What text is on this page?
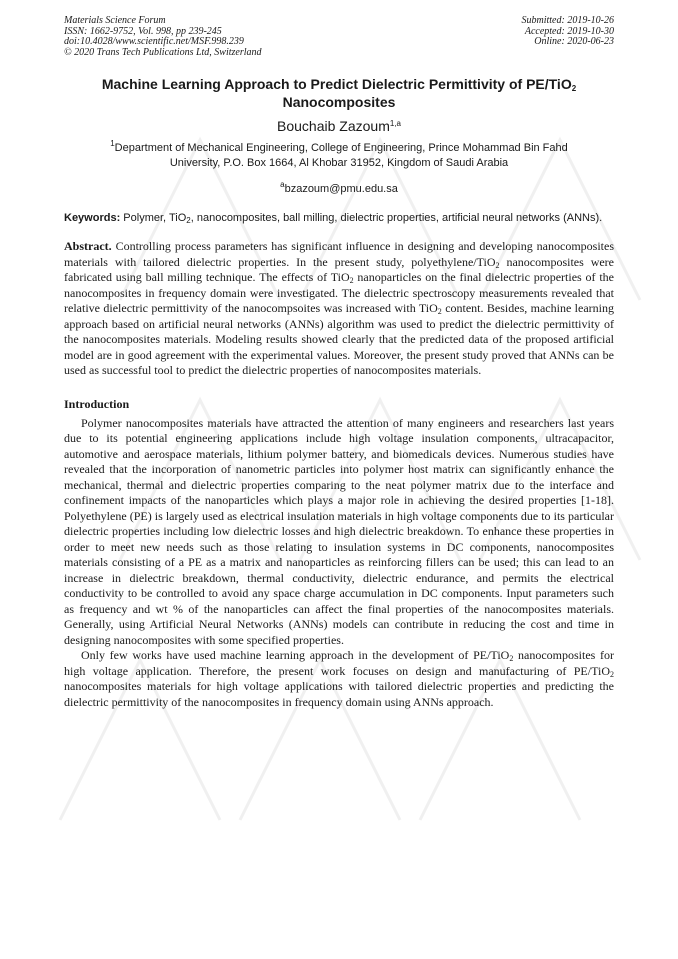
Materials Science Forum
ISSN: 1662-9752, Vol. 998, pp 239-245
doi:10.4028/www.scientific.net/MSF.998.239
© 2020 Trans Tech Publications Ltd, Switzerland
Submitted: 2019-10-26
Accepted: 2019-10-30
Online: 2020-06-23
Machine Learning Approach to Predict Dielectric Permittivity of PE/TiO$_2$
Nanocomposites
Bouchaib Zazoum$^{1,a}$
$^1$Department of Mechanical Engineering, College of Engineering, Prince Mohammad Bin Fahd
University, P.O. Box 1664, Al Khobar 31952, Kingdom of Saudi Arabia
$^a$bzazoum@pmu.edu.sa
Keywords: Polymer, TiO$_2$, nanocomposites, ball milling, dielectric properties, artificial neural networks (ANNs).
Abstract. Controlling process parameters has significant influence in designing and developing nanocomposites materials with tailored dielectric properties. In the present study, polyethylene/TiO$_2$ nanocomposites were fabricated using ball milling technique. The effects of TiO$_2$ nanoparticles on the final dielectric properties of the nanocomposites in frequency domain were investigated. The dielectric spectroscopy measurements revealed that relative dielectric permittivity of the nanocompsoites was increased with TiO$_2$ content. Besides, machine learning approach based on artificial neural networks (ANNs) algorithm was used to predict the dielectric permittivity of the nanocomposites materials. Modeling results showed clearly that the predicted data of the proposed artificial model are in good agreement with the experimental values. Moreover, the present study proved that ANNs can be used as successful tool to predict the dielectric properties of nanocomposites materials.
Introduction

Polymer nanocomposites materials have attracted the attention of many engineers and researchers last years due to its potential engineering applications include high voltage insulation components, ultracapacitor, automotive and aerospace materials, lithium polymer battery, and biomedicals devices. Numerous studies have revealed that the incorporation of nanometric particles into polymer host matrix can significantly enhance the mechanical, thermal and dielectric properties comparing to the neat polymer matrix due to the interface and confinement impacts of the nanoparticles which plays a major role in achieving the desired properties [1-18]. Polyethylene (PE) is largely used as electrical insulation materials in high voltage components due to its particular dielectric properties including low dielectric losses and high dielectric breakdown. To enhance these properties in order to meet new needs such as those relating to insulation systems in DC components, nanocomposites materials consisting of a PE as a matrix and nanoparticles as reinforcing fillers can be used; this can lead to an increase in dielectric breakdown, thermal conductivity, dielectric endurance, and permits the electrical conductivity to be controlled to avoid any space charge accumulation in DC components. Input parameters such as frequency and wt % of the nanoparticles can affect the final properties of the nanocomposites materials. Generally, using Artificial Neural Networks (ANNs) models can contribute in reducing the cost and time in designing nanocomposites with some specified properties.

Only few works have used machine learning approach in the development of PE/TiO$_2$ nanocomposites for high voltage application. Therefore, the present work focuses on design and manufacturing of PE/TiO$_2$ nanocomposites materials for high voltage applications with tailored dielectric properties and predicting the dielectric permittivity of the nanocomposites in frequency domain using ANNs approach.
